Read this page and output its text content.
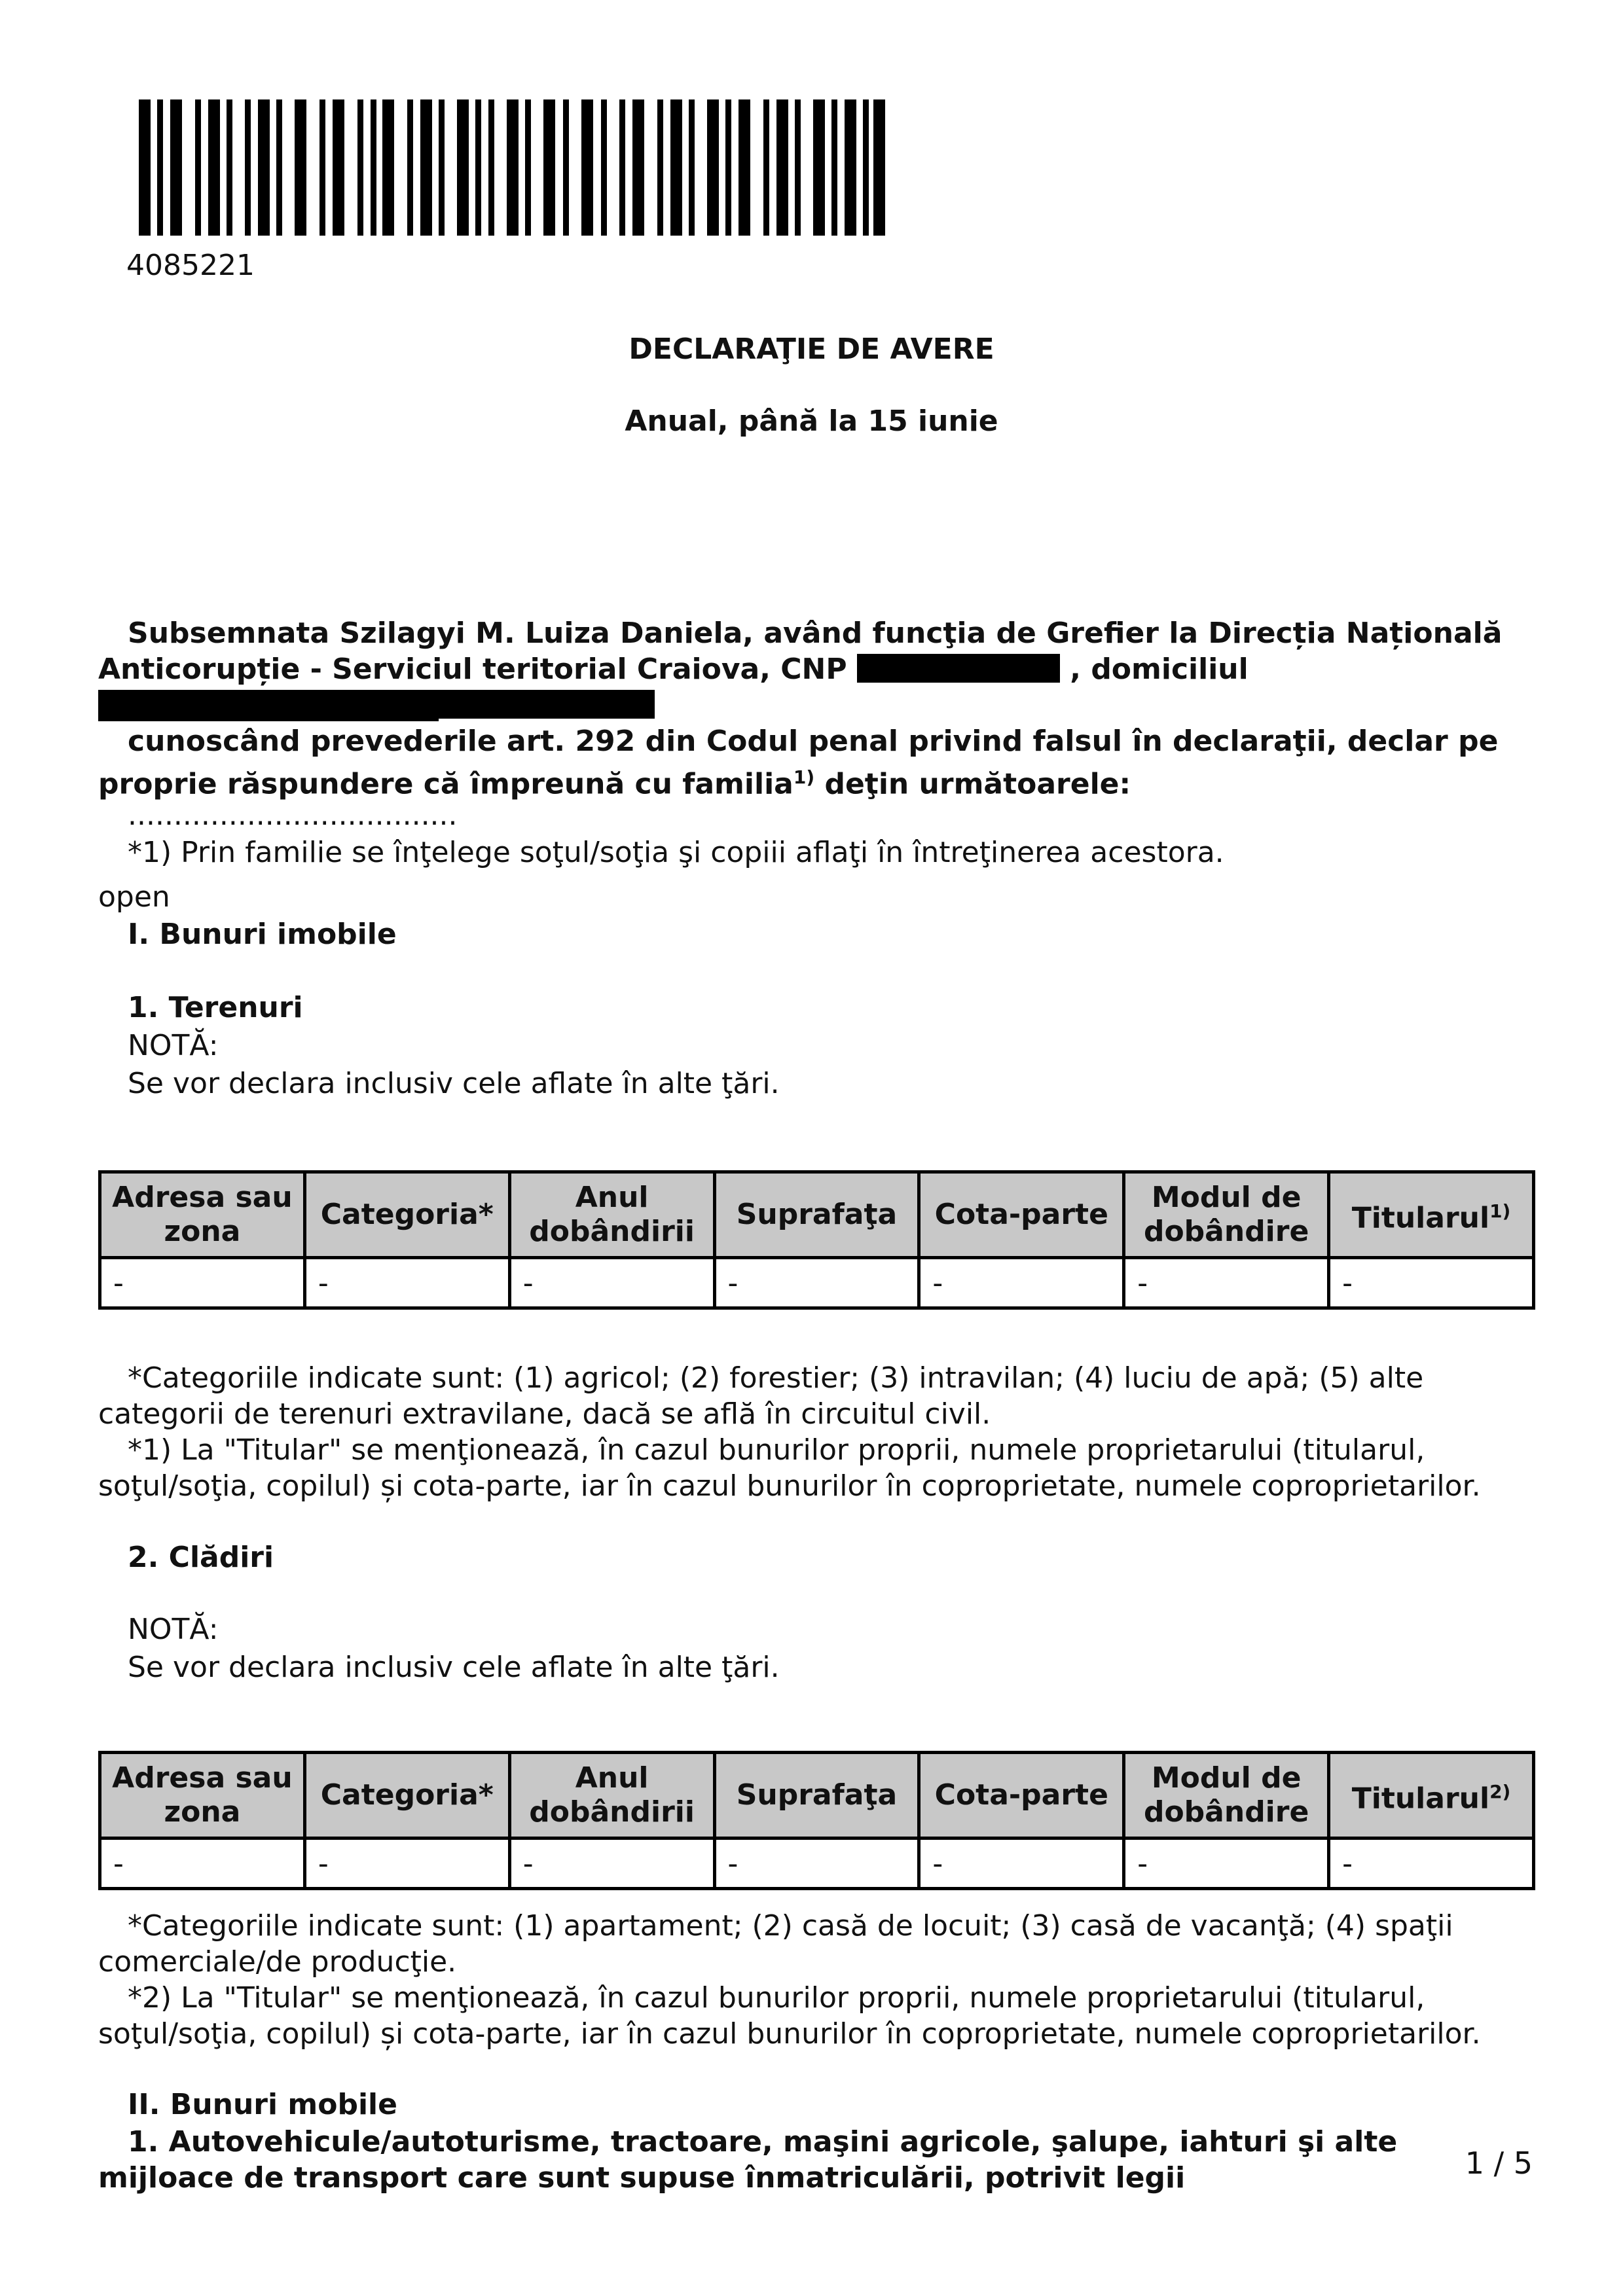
4085221
DECLARAŢIE DE AVERE
Anual, până la 15 iunie
Subsemnata Szilagyi M. Luiza Daniela, având funcţia de Grefier la Direcția Națională Anticorupție - Serviciul teritorial Craiova, CNP	, domiciliul
cunoscând prevederile art. 292 din Codul penal privind falsul în declaraţii, declar pe proprie răspundere că împreună cu familia$^{1)}$ deţin următoarele:
....................................
*1) Prin familie se înţelege soţul/soţia şi copiii aflaţi în întreţinerea acestora.
open
I. Bunuri imobile
1. Terenuri
NOTĂ:
Se vor declara inclusiv cele aflate în alte ţări.
Adresa sau zona	Categoria*	Anul dobândirii	Suprafaţa	Cota-parte	Modul de dobândire	Titularul$^{1)}$
-	-	-	-	-	-	-
*Categoriile indicate sunt: (1) agricol; (2) forestier; (3) intravilan; (4) luciu de apă; (5) alte categorii de terenuri extravilane, dacă se află în circuitul civil.
*1) La "Titular" se menţionează, în cazul bunurilor proprii, numele proprietarului (titularul, soţul/soţia, copilul) și cota-parte, iar în cazul bunurilor în coproprietate, numele coproprietarilor.
2. Clădiri
NOTĂ:
Se vor declara inclusiv cele aflate în alte ţări.
Adresa sau zona	Categoria*	Anul dobândirii	Suprafaţa	Cota-parte	Modul de dobândire	Titularul$^{2)}$
-	-	-	-	-	-	-
*Categoriile indicate sunt: (1) apartament; (2) casă de locuit; (3) casă de vacanţă; (4) spaţii comerciale/de producţie.
*2) La "Titular" se menţionează, în cazul bunurilor proprii, numele proprietarului (titularul, soţul/soţia, copilul) și cota-parte, iar în cazul bunurilor în coproprietate, numele coproprietarilor.
II. Bunuri mobile
1. Autovehicule/autoturisme, tractoare, maşini agricole, şalupe, iahturi şi alte mijloace de transport care sunt supuse înmatriculării, potrivit legii	1 / 5
